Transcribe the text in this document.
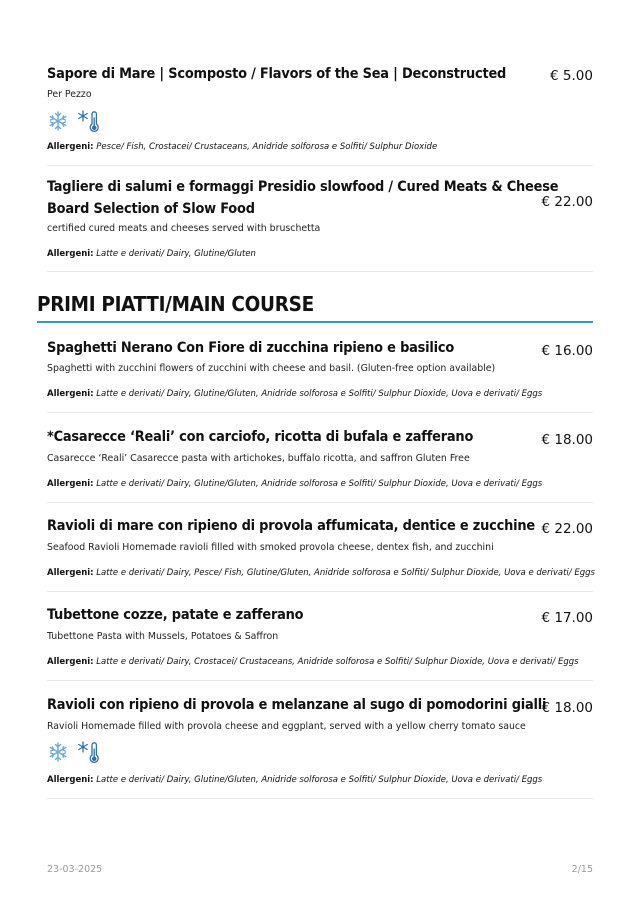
Sapore di Mare | Scomposto / Flavors of the Sea | Deconstructed	€ 5.00
Per Pezzo
Allergeni: Pesce/ Fish, Crostacei/ Crustaceans, Anidride solforosa e Solfiti/ Sulphur Dioxide
Tagliere di salumi e formaggi Presidio slowfood / Cured Meats & Cheese
Board Selection of Slow Food	€ 22.00
certified cured meats and cheeses served with bruschetta
Allergeni: Latte e derivati/ Dairy, Glutine/Gluten
PRIMI PIATTI/MAIN COURSE
Spaghetti Nerano Con Fiore di zucchina ripieno e basilico	€ 16.00
Spaghetti with zucchini flowers of zucchini with cheese and basil. (Gluten-free option available)
Allergeni: Latte e derivati/ Dairy, Glutine/Gluten, Anidride solforosa e Solfiti/ Sulphur Dioxide, Uova e derivati/ Eggs
*Casarecce ‘Reali’ con carciofo, ricotta di bufala e zafferano	€ 18.00
Casarecce ‘Reali’ Casarecce pasta with artichokes, buffalo ricotta, and saffron Gluten Free
Allergeni: Latte e derivati/ Dairy, Glutine/Gluten, Anidride solforosa e Solfiti/ Sulphur Dioxide, Uova e derivati/ Eggs
Ravioli di mare con ripieno di provola affumicata, dentice e zucchine € 22.00
Seafood Ravioli Homemade ravioli filled with smoked provola cheese, dentex fish, and zucchini
Allergeni: Latte e derivati/ Dairy, Pesce/ Fish, Glutine/Gluten, Anidride solforosa e Solfiti/ Sulphur Dioxide, Uova e derivati/ Eggs
Tubettone cozze, patate e zafferano	€ 17.00
Tubettone Pasta with Mussels, Potatoes & Saffron
Allergeni: Latte e derivati/ Dairy, Crostacei/ Crustaceans, Anidride solforosa e Solfiti/ Sulphur Dioxide, Uova e derivati/ Eggs
Ravioli con ripieno di provola e melanzane al sugo di pomodorini gialli
€ 18.00
Ravioli Homemade filled with provola cheese and eggplant, served with a yellow cherry tomato sauce
Allergeni: Latte e derivati/ Dairy, Glutine/Gluten, Anidride solforosa e Solfiti/ Sulphur Dioxide, Uova e derivati/ Eggs
23-03-2025	2/15
